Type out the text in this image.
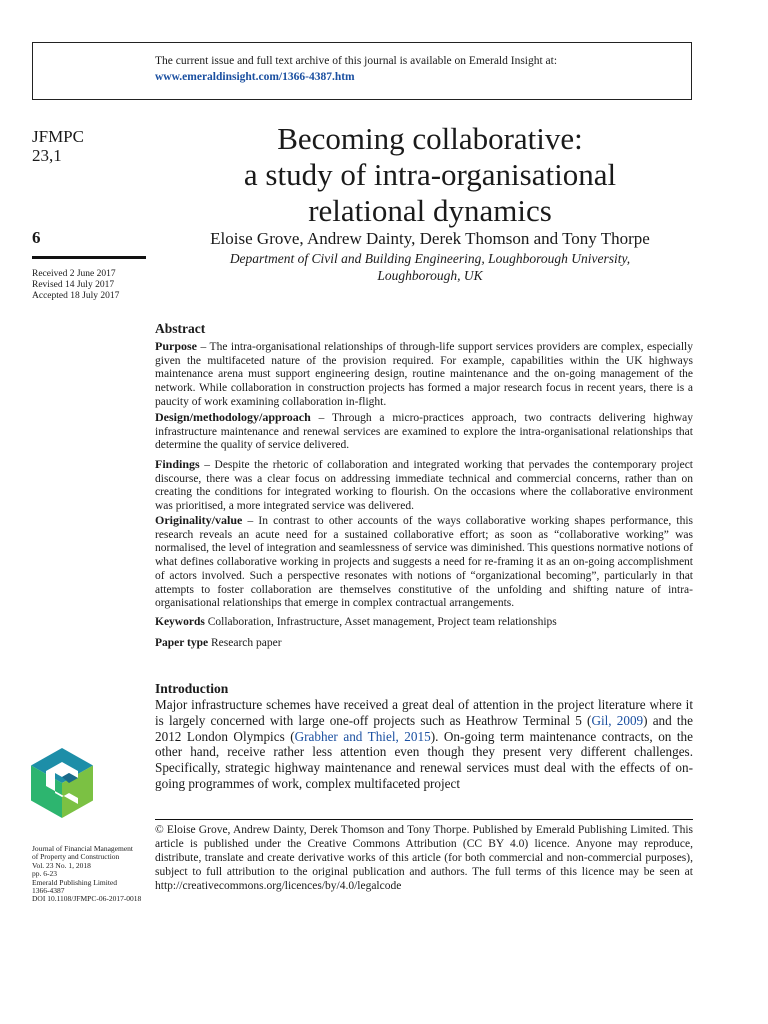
The current issue and full text archive of this journal is available on Emerald Insight at:
www.emeraldinsight.com/1366-4387.htm
JFMPC
23,1
6
Received 2 June 2017
Revised 14 July 2017
Accepted 18 July 2017
Becoming collaborative:
a study of intra-organisational
relational dynamics
Eloise Grove, Andrew Dainty, Derek Thomson and Tony Thorpe
Department of Civil and Building Engineering, Loughborough University,
Loughborough, UK
Abstract
Purpose – The intra-organisational relationships of through-life support services providers are complex, especially given the multifaceted nature of the provision required. For example, capabilities within the UK highways maintenance arena must support engineering design, routine maintenance and the on-going management of the network. While collaboration in construction projects has formed a major research focus in recent years, there is a paucity of work examining collaboration in-flight.
Design/methodology/approach – Through a micro-practices approach, two contracts delivering highway infrastructure maintenance and renewal services are examined to explore the intra-organisational relationships that determine the quality of service delivered.
Findings – Despite the rhetoric of collaboration and integrated working that pervades the contemporary project discourse, there was a clear focus on addressing immediate technical and commercial concerns, rather than on creating the conditions for integrated working to flourish. On the occasions where the collaborative environment was prioritised, a more integrated service was delivered.
Originality/value – In contrast to other accounts of the ways collaborative working shapes performance, this research reveals an acute need for a sustained collaborative effort; as soon as “collaborative working” was normalised, the level of integration and seamlessness of service was diminished. This questions normative notions of what defines collaborative working in projects and suggests a need for re-framing it as an on-going accomplishment of actors involved. Such a perspective resonates with notions of “organizational becoming”, particularly in that attempts to foster collaboration are themselves constitutive of the unfolding and shifting nature of intra-organisational relationships that emerge in complex contractual arrangements.
Keywords Collaboration, Infrastructure, Asset management, Project team relationships
Paper type Research paper
Introduction
Major infrastructure schemes have received a great deal of attention in the project literature where it is largely concerned with large one-off projects such as Heathrow Terminal 5 (Gil, 2009) and the 2012 London Olympics (Grabher and Thiel, 2015). On-going term maintenance contracts, on the other hand, receive rather less attention even though they present very different challenges. Specifically, strategic highway maintenance and renewal services must deal with the effects of on-going programmes of work, complex multifaceted project
© Eloise Grove, Andrew Dainty, Derek Thomson and Tony Thorpe. Published by Emerald Publishing Limited. This article is published under the Creative Commons Attribution (CC BY 4.0) licence. Anyone may reproduce, distribute, translate and create derivative works of this article (for both commercial and non-commercial purposes), subject to full attribution to the original publication and authors. The full terms of this licence may be seen at http://creativecommons.org/licences/by/4.0/legalcode
Journal of Financial Management
of Property and Construction
Vol. 23 No. 1, 2018
pp. 6-23
Emerald Publishing Limited
1366-4387
DOI 10.1108/JFMPC-06-2017-0018
